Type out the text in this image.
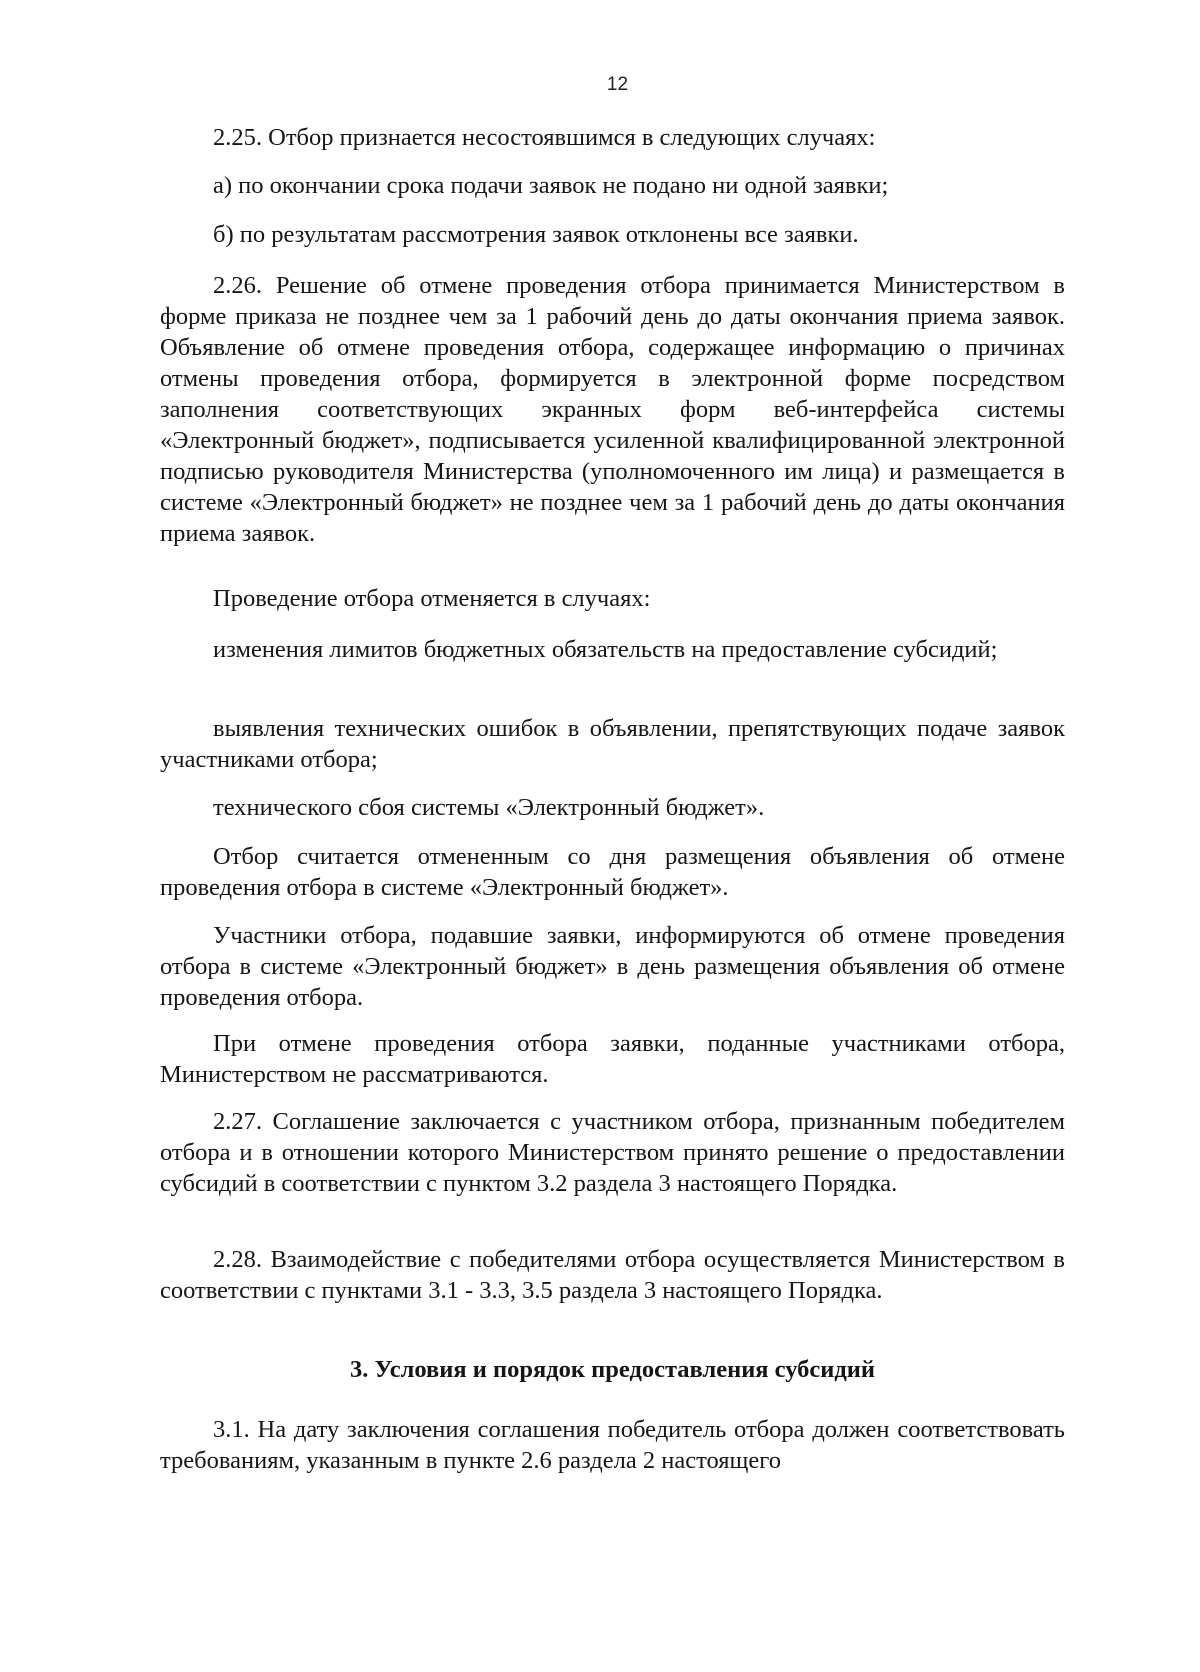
12

2.25. Отбор признается несостоявшимся в следующих случаях:

а) по окончании срока подачи заявок не подано ни одной заявки;

б) по результатам рассмотрения заявок отклонены все заявки.

2.26. Решение об отмене проведения отбора принимается Министерством в форме приказа не позднее чем за 1 рабочий день до даты окончания приема заявок. Объявление об отмене проведения отбора, содержащее информацию о причинах отмены проведения отбора, формируется в электронной форме посредством заполнения соответствующих экранных форм веб-интерфейса системы «Электронный бюджет», подписывается усиленной квалифицированной электронной подписью руководителя Министерства (уполномоченного им лица) и размещается в системе «Электронный бюджет» не позднее чем за 1 рабочий день до даты окончания приема заявок.

Проведение отбора отменяется в случаях:

изменения лимитов бюджетных обязательств на предоставление субсидий;

выявления технических ошибок в объявлении, препятствующих подаче заявок участниками отбора;

технического сбоя системы «Электронный бюджет».

Отбор считается отмененным со дня размещения объявления об отмене проведения отбора в системе «Электронный бюджет».

Участники отбора, подавшие заявки, информируются об отмене проведения отбора в системе «Электронный бюджет» в день размещения объявления об отмене проведения отбора.

При отмене проведения отбора заявки, поданные участниками отбора, Министерством не рассматриваются.

2.27. Соглашение заключается с участником отбора, признанным победителем отбора и в отношении которого Министерством принято решение о предоставлении субсидий в соответствии с пунктом 3.2 раздела 3 настоящего Порядка.

2.28. Взаимодействие с победителями отбора осуществляется Министерством в соответствии с пунктами 3.1 - 3.3, 3.5 раздела 3 настоящего Порядка.

3. Условия и порядок предоставления субсидий

3.1. На дату заключения соглашения победитель отбора должен соответствовать требованиям, указанным в пункте 2.6 раздела 2 настоящего
